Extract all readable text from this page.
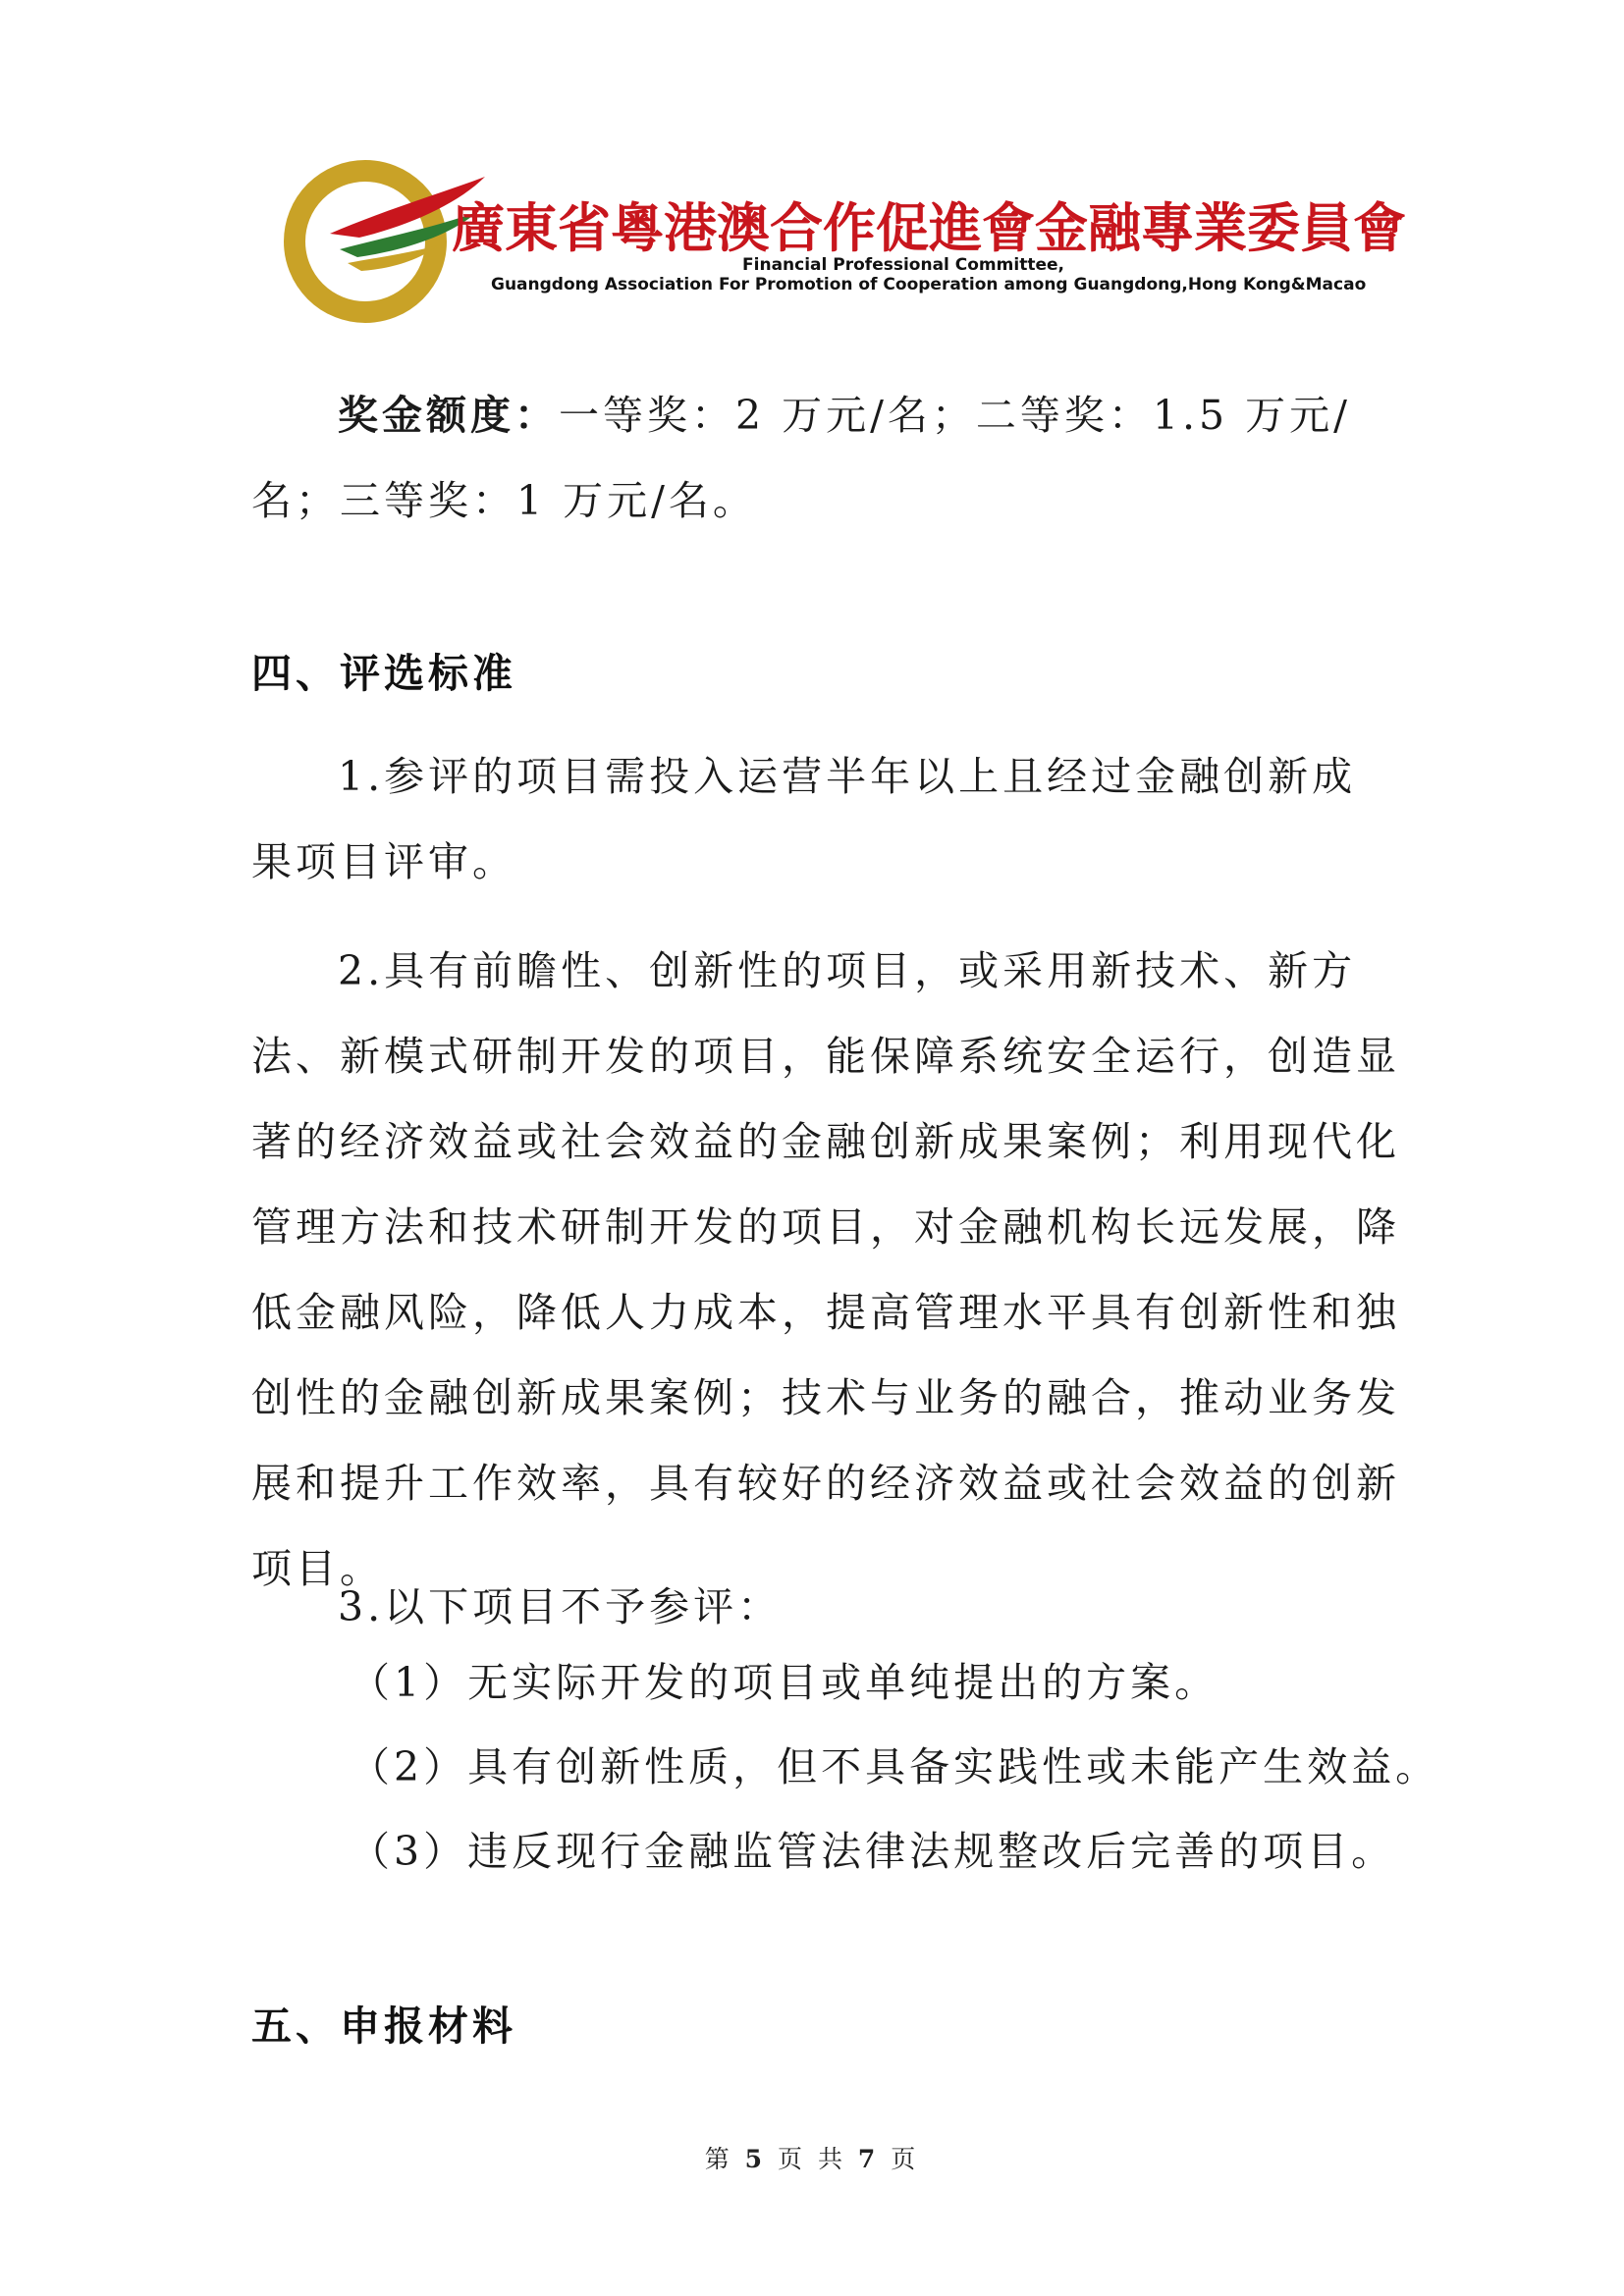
廣東省粵港澳合作促進會金融專業委員會
Financial Professional Committee,
Guangdong Association For Promotion of Cooperation among Guangdong,Hong Kong&Macao

奖金额度：一等奖：2 万元/名；二等奖：1.5 万元/名；三等奖：1 万元/名。

四、评选标准

1.参评的项目需投入运营半年以上且经过金融创新成果项目评审。

2.具有前瞻性、创新性的项目，或采用新技术、新方法、新模式研制开发的项目，能保障系统安全运行，创造显著的经济效益或社会效益的金融创新成果案例；利用现代化管理方法和技术研制开发的项目，对金融机构长远发展，降低金融风险，降低人力成本，提高管理水平具有创新性和独创性的金融创新成果案例；技术与业务的融合，推动业务发展和提升工作效率，具有较好的经济效益或社会效益的创新项目。

3.以下项目不予参评：

（1）无实际开发的项目或单纯提出的方案。

（2）具有创新性质，但不具备实践性或未能产生效益。

（3）违反现行金融监管法律法规整改后完善的项目。

五、申报材料
第 5 页 共 7 页
